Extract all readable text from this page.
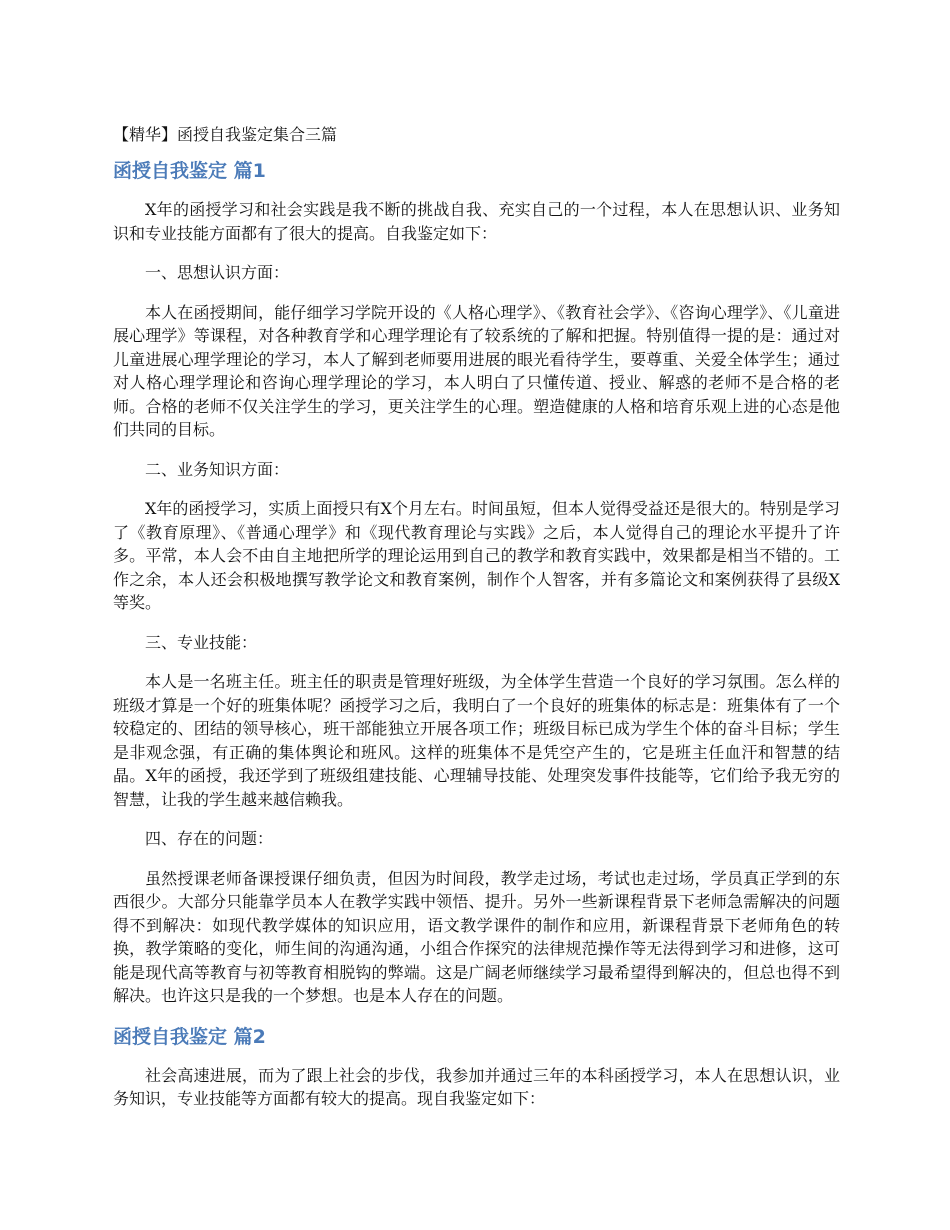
【精华】函授自我鉴定集合三篇
函授自我鉴定 篇1

X年的函授学习和社会实践是我不断的挑战自我、充实自己的一个过程，本人在思想认识、业务知识和专业技能方面都有了很大的提高。自我鉴定如下：

一、思想认识方面：

本人在函授期间，能仔细学习学院开设的《人格心理学》、《教育社会学》、《咨询心理学》、《儿童进展心理学》等课程，对各种教育学和心理学理论有了较系统的了解和把握。特别值得一提的是：通过对儿童进展心理学理论的学习，本人了解到老师要用进展的眼光看待学生，要尊重、关爱全体学生；通过对人格心理学理论和咨询心理学理论的学习，本人明白了只懂传道、授业、解惑的老师不是合格的老师。合格的老师不仅关注学生的学习，更关注学生的心理。塑造健康的人格和培育乐观上进的心态是他们共同的目标。

二、业务知识方面：

X年的函授学习，实质上面授只有X个月左右。时间虽短，但本人觉得受益还是很大的。特别是学习了《教育原理》、《普通心理学》和《现代教育理论与实践》之后，本人觉得自己的理论水平提升了许多。平常，本人会不由自主地把所学的理论运用到自己的教学和教育实践中，效果都是相当不错的。工作之余，本人还会积极地撰写教学论文和教育案例，制作个人智客，并有多篇论文和案例获得了县级X等奖。

三、专业技能：

本人是一名班主任。班主任的职责是管理好班级，为全体学生营造一个良好的学习氛围。怎么样的班级才算是一个好的班集体呢？函授学习之后，我明白了一个良好的班集体的标志是：班集体有了一个较稳定的、团结的领导核心，班干部能独立开展各项工作；班级目标已成为学生个体的奋斗目标；学生是非观念强，有正确的集体舆论和班风。这样的班集体不是凭空产生的，它是班主任血汗和智慧的结晶。X年的函授，我还学到了班级组建技能、心理辅导技能、处理突发事件技能等，它们给予我无穷的智慧，让我的学生越来越信赖我。

四、存在的问题：

虽然授课老师备课授课仔细负责，但因为时间段，教学走过场，考试也走过场，学员真正学到的东西很少。大部分只能靠学员本人在教学实践中领悟、提升。另外一些新课程背景下老师急需解决的问题得不到解决：如现代教学媒体的知识应用，语文教学课件的制作和应用，新课程背景下老师角色的转换，教学策略的变化，师生间的沟通沟通，小组合作探究的法律规范操作等无法得到学习和进修，这可能是现代高等教育与初等教育相脱钩的弊端。这是广阔老师继续学习最希望得到解决的，但总也得不到解决。也许这只是我的一个梦想。也是本人存在的问题。

函授自我鉴定 篇2

社会高速进展，而为了跟上社会的步伐，我参加并通过三年的本科函授学习，本人在思想认识，业务知识，专业技能等方面都有较大的提高。现自我鉴定如下：
